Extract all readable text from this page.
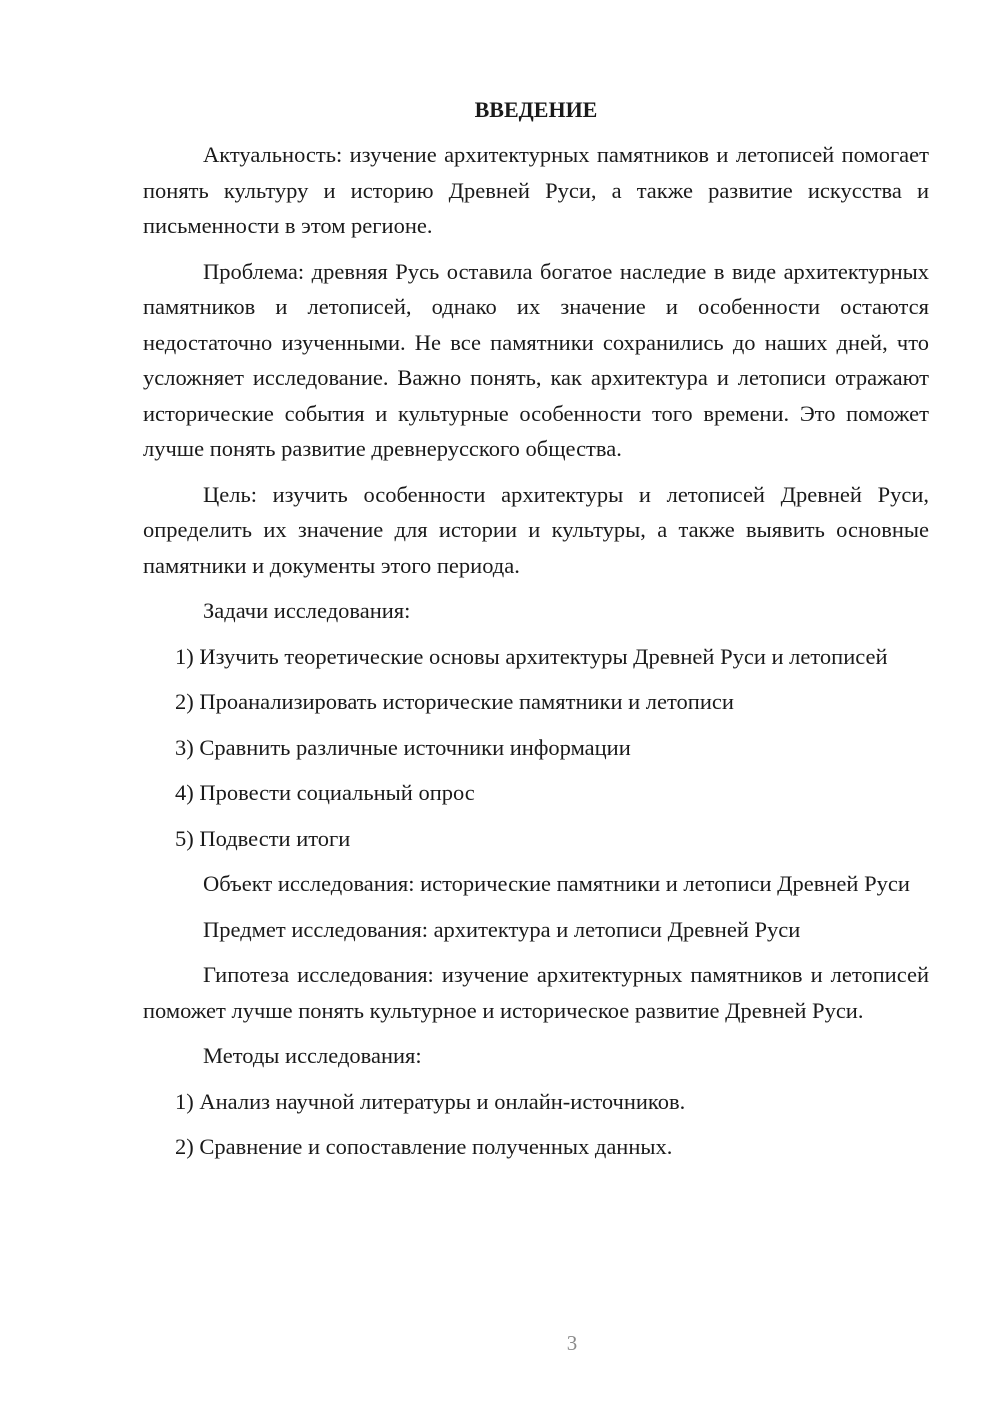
ВВЕДЕНИЕ
Актуальность: изучение архитектурных памятников и летописей помогает понять культуру и историю Древней Руси, а также развитие искусства и письменности в этом регионе.
Проблема: древняя Русь оставила богатое наследие в виде архитектурных памятников и летописей, однако их значение и особенности остаются недостаточно изученными. Не все памятники сохранились до наших дней, что усложняет исследование. Важно понять, как архитектура и летописи отражают исторические события и культурные особенности того времени. Это поможет лучше понять развитие древнерусского общества.
Цель: изучить особенности архитектуры и летописей Древней Руси, определить их значение для истории и культуры, а также выявить основные памятники и документы этого периода.
Задачи исследования:
1) Изучить теоретические основы архитектуры Древней Руси и летописей
2) Проанализировать исторические памятники и летописи
3) Сравнить различные источники информации
4) Провести социальный опрос
5) Подвести итоги
Объект исследования: исторические памятники и летописи Древней Руси
Предмет исследования: архитектура и летописи Древней Руси
Гипотеза исследования: изучение архитектурных памятников и летописей поможет лучше понять культурное и историческое развитие Древней Руси.
Методы исследования:
1) Анализ научной литературы и онлайн-источников.
2) Сравнение и сопоставление полученных данных.
3
